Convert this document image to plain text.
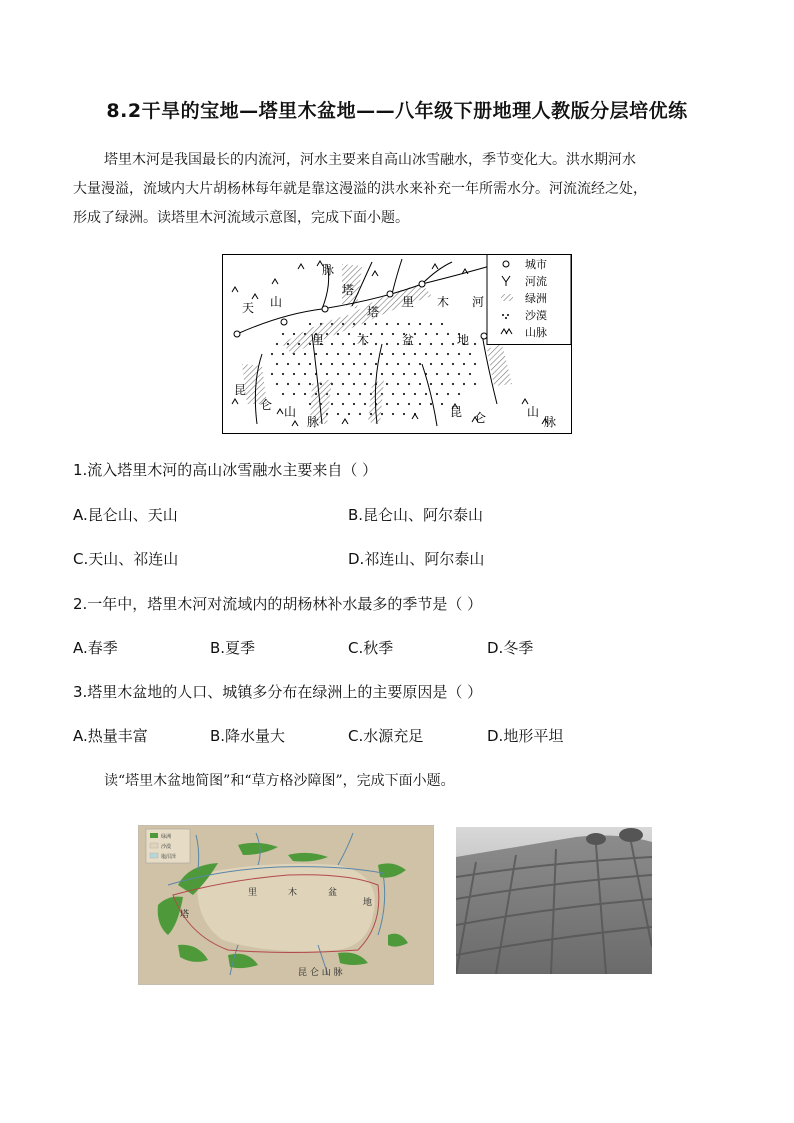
8.2干旱的宝地—塔里木盆地——八年级下册地理人教版分层培优练
塔里木河是我国最长的内流河，河水主要来自高山冰雪融水，季节变化大。洪水期河水
大量漫溢，流域内大片胡杨林每年就是靠这漫溢的洪水来补充一年所需水分。河流流经之处，
形成了绿洲。读塔里木河流域示意图，完成下面小题。
城市
河流
绿洲
沙漠
山脉
脉
天 山
塔
里 木 河
塔
里	木	盆	地
昆
仑 山
脉
昆 仑	山
脉
1.流入塔里木河的高山冰雪融水主要来自（ ）
A.昆仑山、天山	B.昆仑山、阿尔泰山
C.天山、祁连山	D.祁连山、阿尔泰山
2.一年中，塔里木河对流域内的胡杨林补水最多的季节是（ ）
A.春季	B.夏季	C.秋季	D.冬季
3.塔里木盆地的人口、城镇多分布在绿洲上的主要原因是（ ）
A.热量丰富	B.降水量大	C.水源充足	D.地形平坦
读“塔里木盆地简图”和“草方格沙障图”，完成下面小题。
绿洲
沙漠
塩沼泽
塔
里	木	盆
地
昆 仑 山 脉
